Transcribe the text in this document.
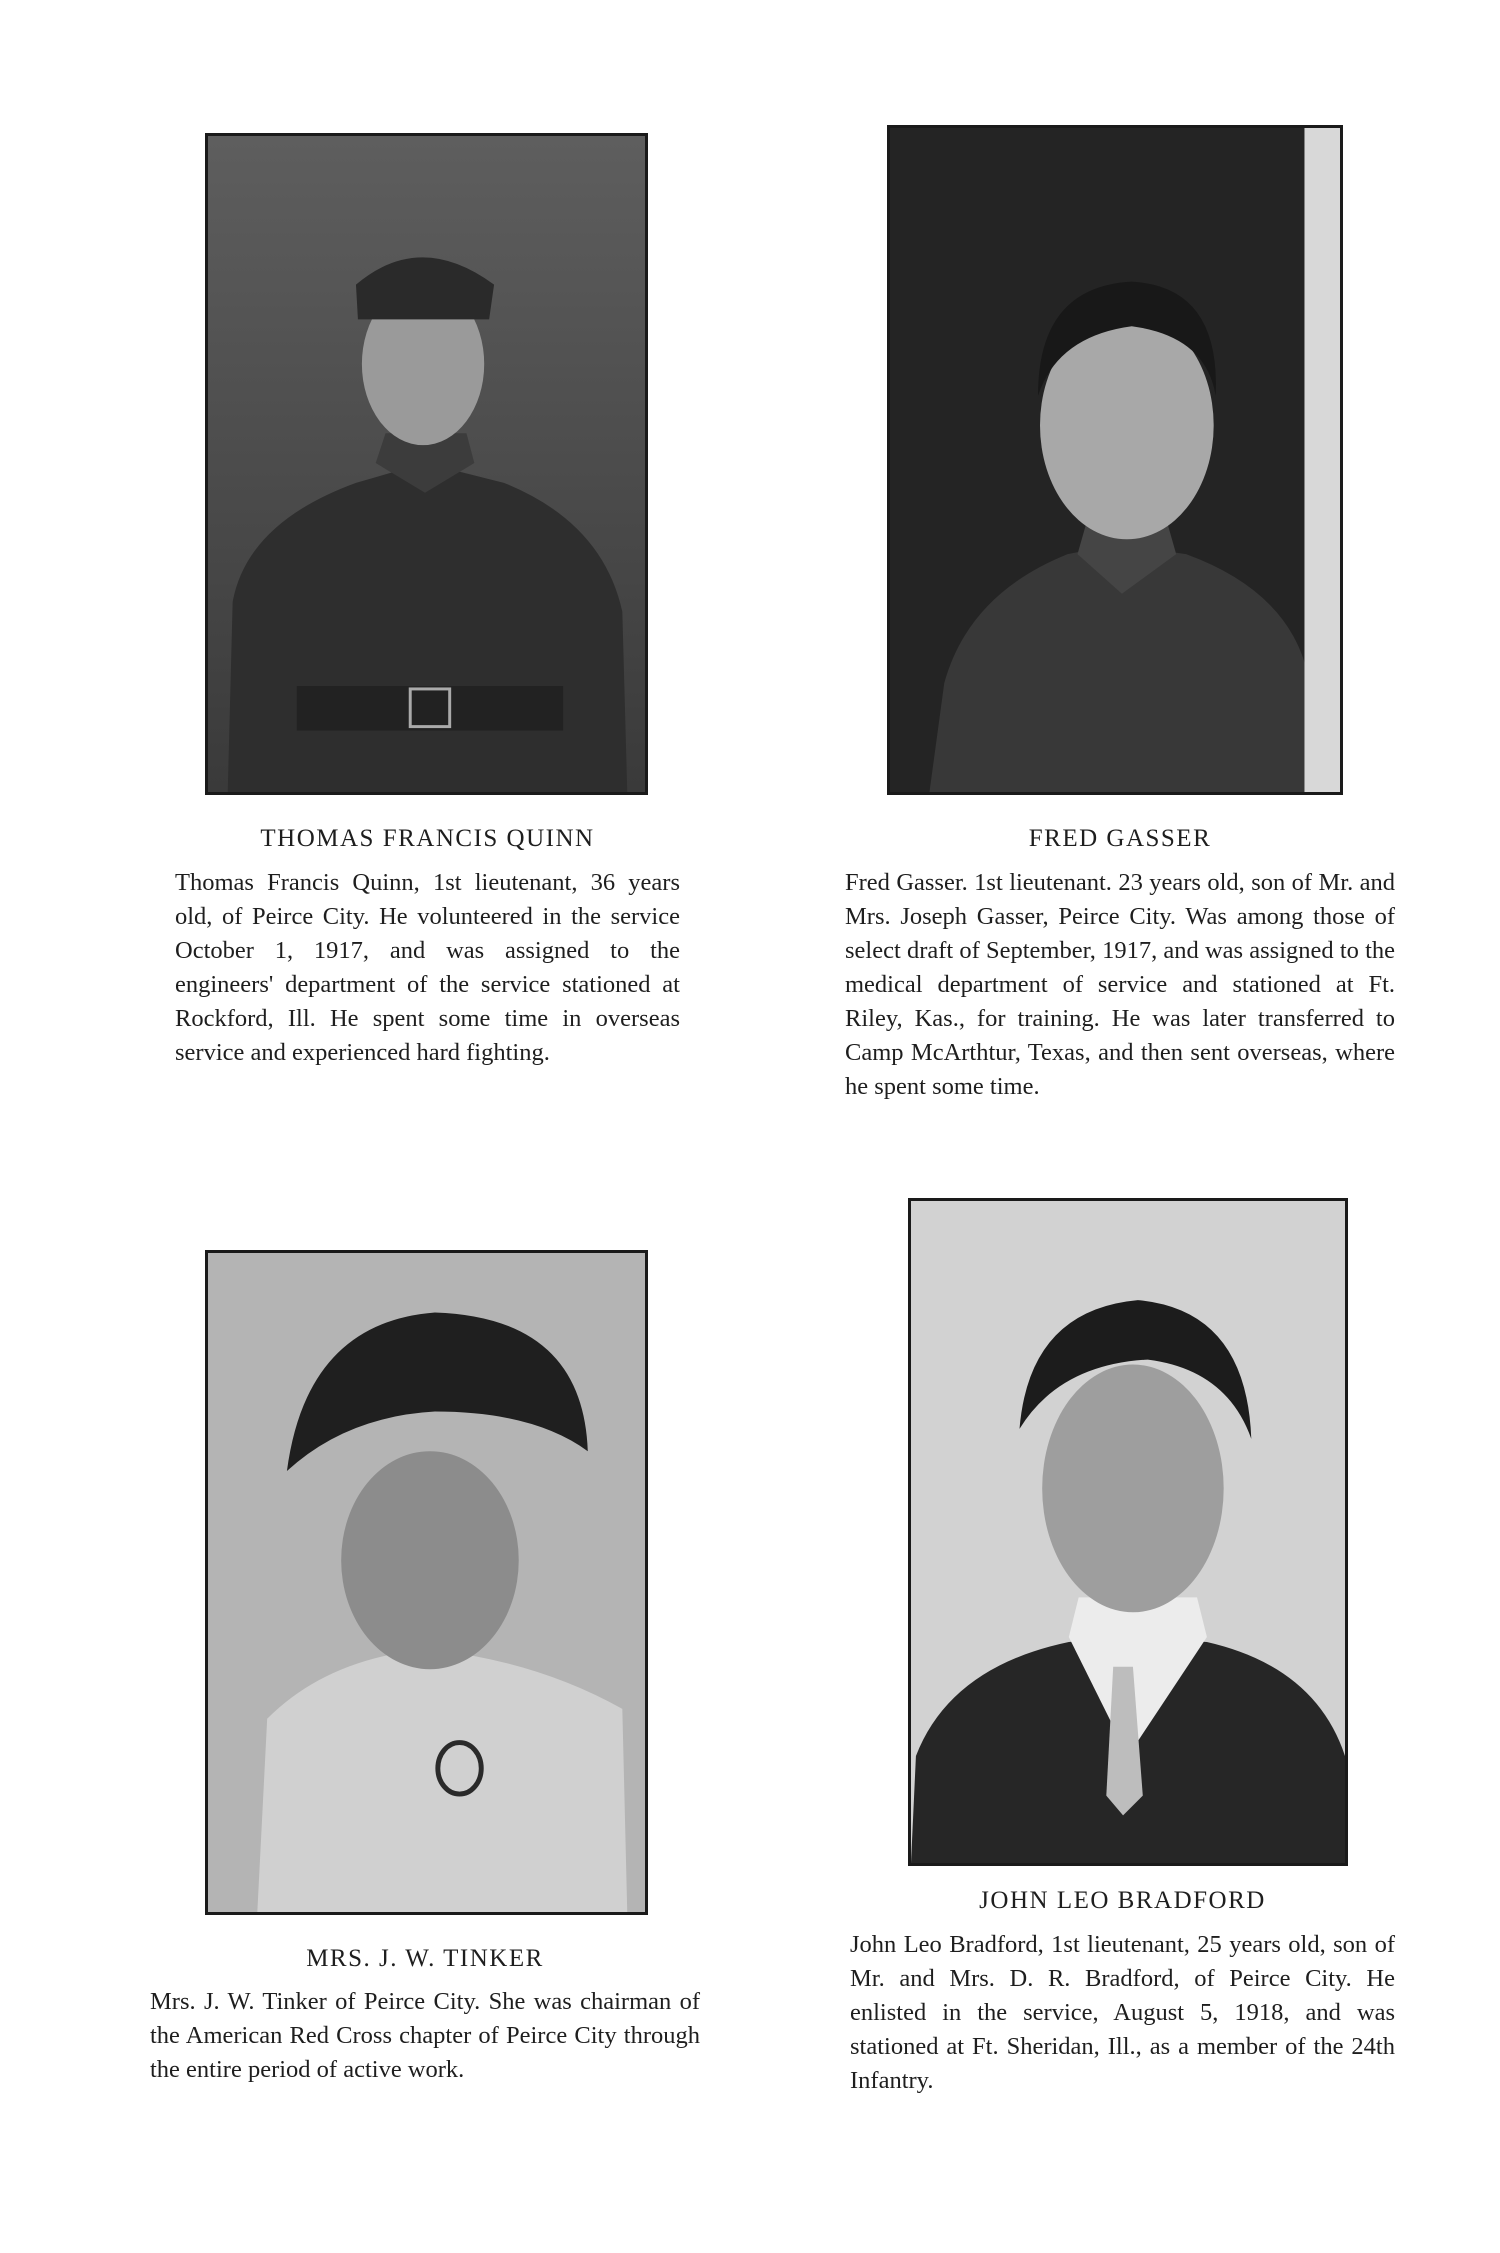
THOMAS FRANCIS QUINN

Thomas Francis Quinn, 1st lieutenant, 36 years old, of Peirce City. He volunteered in the service October 1, 1917, and was assigned to the engineers' department of the service stationed at Rockford, Ill. He spent some time in overseas service and experienced hard fighting.

FRED GASSER

Fred Gasser. 1st lieutenant. 23 years old, son of Mr. and Mrs. Joseph Gasser, Peirce City. Was among those of select draft of September, 1917, and was assigned to the medical department of service and stationed at Ft. Riley, Kas., for training. He was later transferred to Camp McArthtur, Texas, and then sent overseas, where he spent some time.

MRS. J. W. TINKER

Mrs. J. W. Tinker of Peirce City. She was chairman of the American Red Cross chapter of Peirce City through the entire period of active work.

JOHN LEO BRADFORD

John Leo Bradford, 1st lieutenant, 25 years old, son of Mr. and Mrs. D. R. Bradford, of Peirce City. He enlisted in the service, August 5, 1918, and was stationed at Ft. Sheridan, Ill., as a member of the 24th Infantry.
